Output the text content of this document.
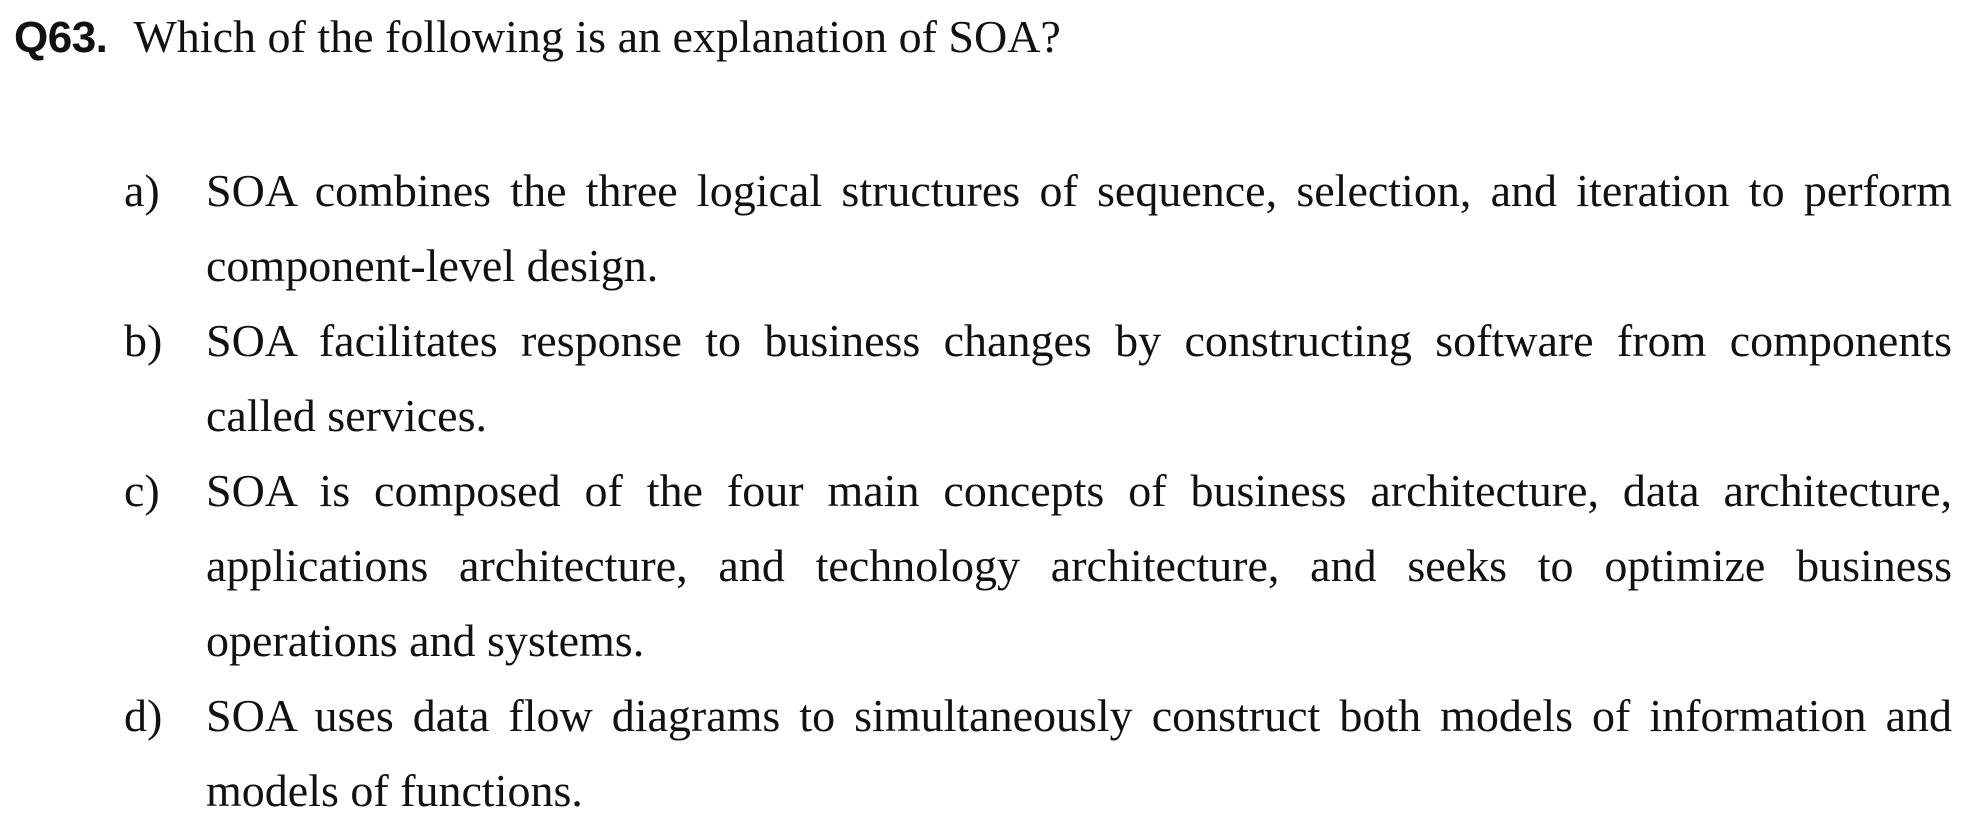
Q63. Which of the following is an explanation of SOA?
a)	SOA combines the three logical structures of sequence, selection, and iteration to perform component-level design.
b) SOA facilitates response to business changes by constructing software from components called services.
c)	SOA is composed of the four main concepts of business architecture, data architecture, applications architecture, and technology architecture, and seeks to optimize business operations and systems.
d) SOA uses data flow diagrams to simultaneously construct both models of information and models of functions.
